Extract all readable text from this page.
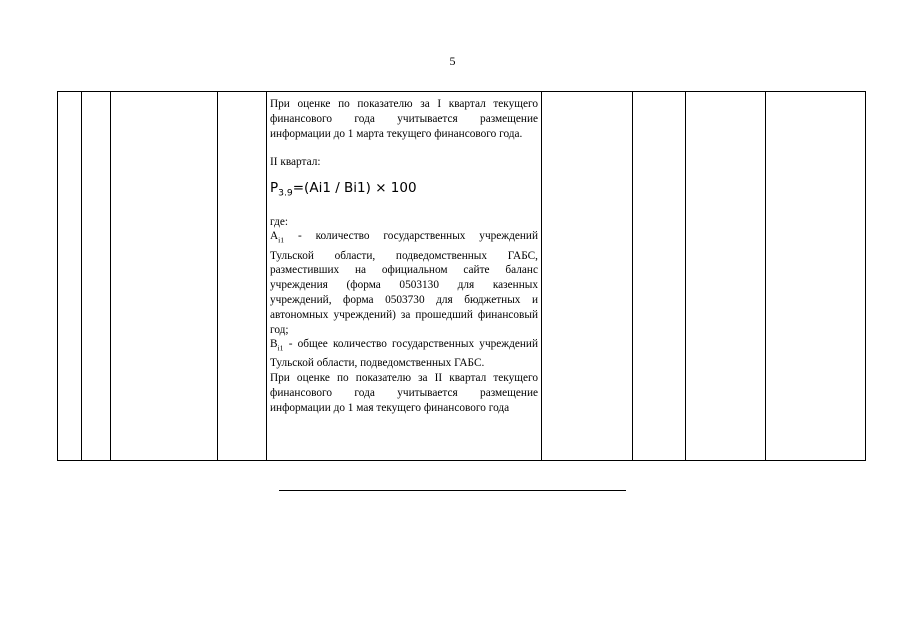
5

При оценке по показателю за I квартал текущего финансового года учитывается размещение информации до 1 марта текущего финансового года.

II квартал:

$P_{3.9}=(Ai1 / Bi1) \times 100$

где:

$A_{i1}$ - количество государственных учреждений Тульской области, подведомственных ГАБС, разместивших на официальном сайте баланс учреждения (форма 0503130 для казенных учреждений, форма 0503730 для бюджетных и автономных учреждений) за прошедший финансовый год;

$B_{i1}$ - общее количество государственных учреждений Тульской области, подведомственных ГАБС.

При оценке по показателю за II квартал текущего финансового года учитывается размещение информации до 1 мая текущего финансового года
